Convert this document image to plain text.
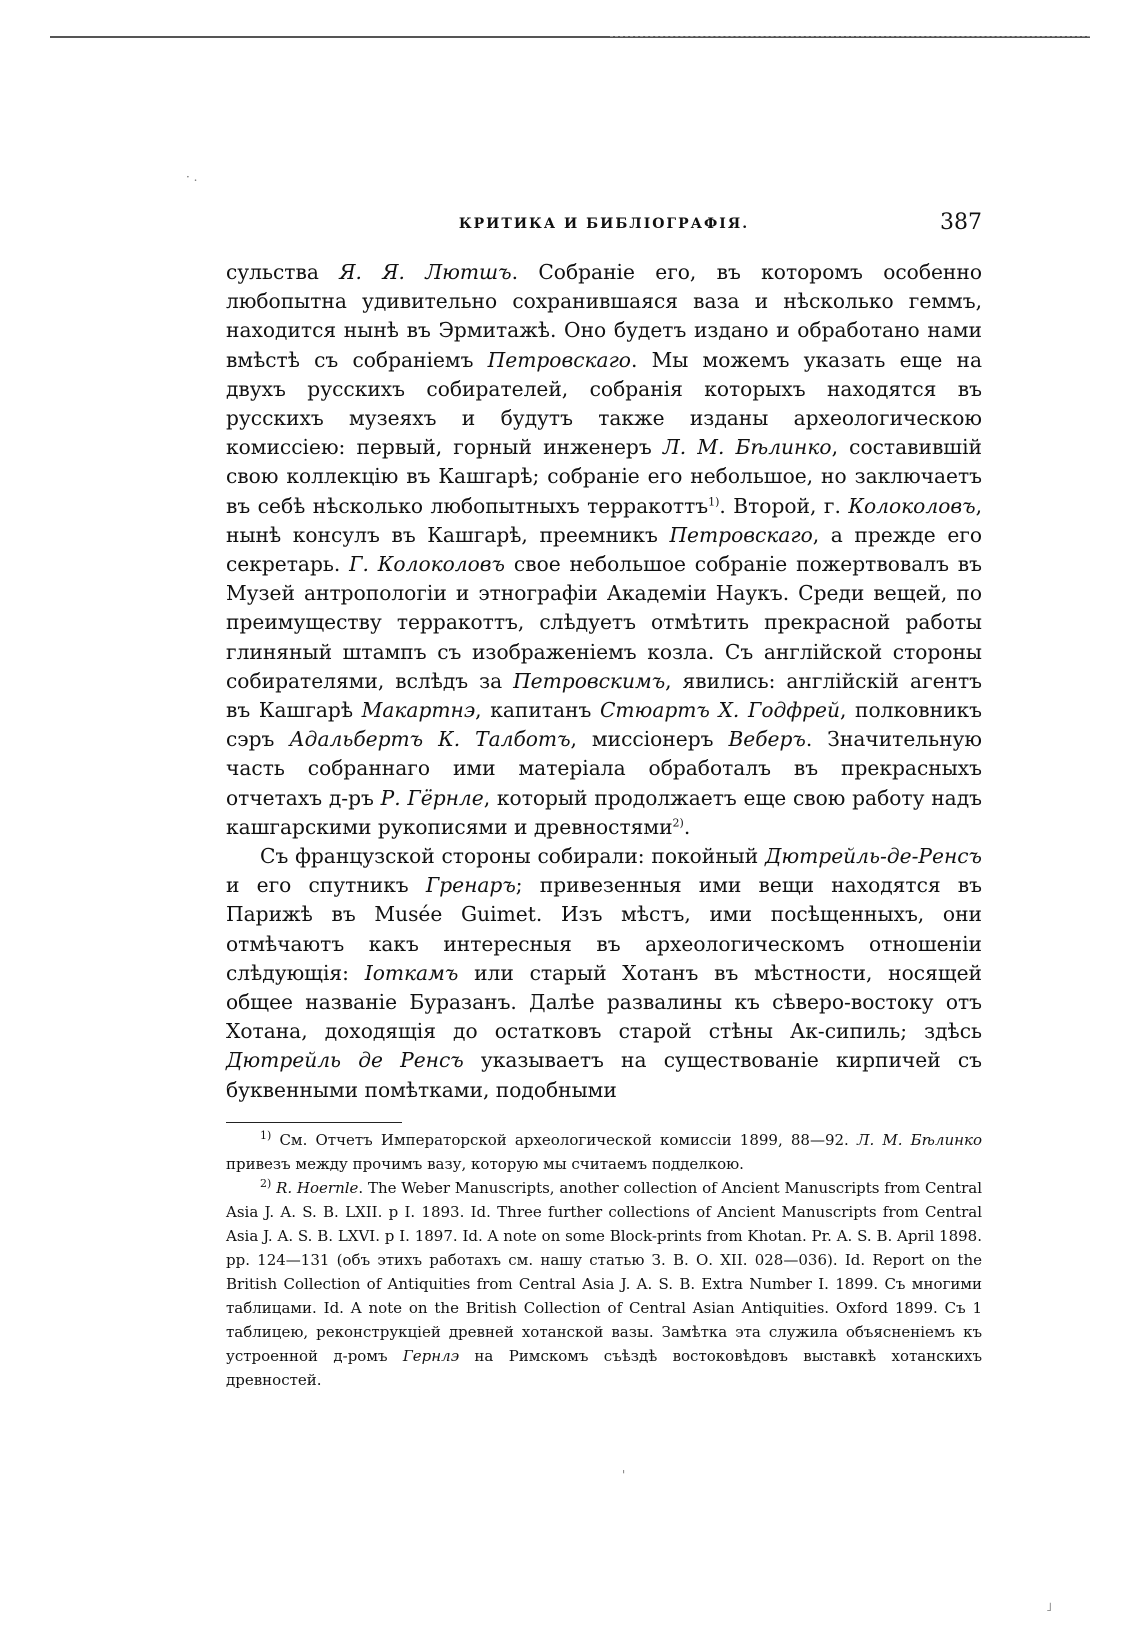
· .
КРИТИКА И БИБЛІОГРАФІЯ.	387

сульства Я. Я. Лютшъ. Собраніе его, въ которомъ особенно любопытна удивительно сохранившаяся ваза и нѣсколько геммъ, находится нынѣ въ Эрмитажѣ. Оно будетъ издано и обработано нами вмѣстѣ съ собраніемъ Петровскаго. Мы можемъ указать еще на двухъ русскихъ собирателей, собранія которыхъ находятся въ русскихъ музеяхъ и будутъ также изданы археологическою комиссіею: первый, горный инженеръ Л. М. Бѣлинко, составившій свою коллекцію въ Кашгарѣ; собраніе его небольшое, но заключаетъ въ себѣ нѣсколько любопытныхъ терракоттъ$^{1)}$. Второй, г. Колоколовъ, нынѣ консулъ въ Кашгарѣ, преемникъ Петровскаго, а прежде его секретарь. Г. Колоколовъ свое небольшое собраніе пожертвовалъ въ Музей антропологіи и этнографіи Академіи Наукъ. Среди вещей, по преимуществу терракоттъ, слѣдуетъ отмѣтить прекрасной работы глиняный штампъ съ изображеніемъ козла. Съ англійской стороны собирателями, вслѣдъ за Петровскимъ, явились: англійскій агентъ въ Кашгарѣ Макартнэ, капитанъ Стюартъ X. Годфрей, полковникъ сэръ Адальбертъ К. Талботъ, миссіонеръ Веберъ. Значительную часть собраннаго ими матеріала обработалъ въ прекрасныхъ отчетахъ д-ръ Р. Гёрнле, который продолжаетъ еще свою работу надъ кашгарскими рукописями и древностями$^{2)}$.

Съ французской стороны собирали: покойный Дютрейль-де-Ренсъ и его спутникъ Гренаръ; привезенныя ими вещи находятся въ Парижѣ въ Musée Guimet. Изъ мѣстъ, ими посѣщенныхъ, они отмѣчаютъ какъ интересныя въ археологическомъ отношеніи слѣдующія: Іоткамъ или старый Хотанъ въ мѣстности, носящей общее названіе Буразанъ. Далѣе развалины къ сѣверо-востоку отъ Хотана, доходящія до остатковъ старой стѣны Ак-сипиль; здѣсь Дютрейль де Ренсъ указываетъ на существованіе кирпичей съ буквенными помѣтками, подобными

$^{1)}$ См. Отчетъ Императорской археологической комиссіи 1899, 88—92. Л. М. Бѣлинко привезъ между прочимъ вазу, которую мы считаемъ подделкою.

$^{2)}$ R. Hoernle. The Weber Manuscripts, another collection of Ancient Manuscripts from Central Asia J. A. S. B. LXII. p I. 1893. Id. Three further collections of Ancient Manuscripts from Central Asia J. A. S. B. LXVI. p I. 1897. Id. A note on some Block-prints from Khotan. Pr. A. S. B. April 1898. pp. 124—131 (объ этихъ работахъ см. нашу статью З. В. О. XII. 028—036). Id. Report on the British Collection of Antiquities from Central Asia J. A. S. B. Extra Number I. 1899. Съ многими таблицами. Id. A note on the British Collection of Central Asian Antiquities. Oxford 1899. Съ 1 таблицею, реконструкціей древней хотанской вазы. Замѣтка эта служила объясненіемъ къ устроенной д-ромъ Гернлэ на Римскомъ съѣздѣ востоковѣдовъ выставкѣ хотанскихъ древностей.

'
˩
